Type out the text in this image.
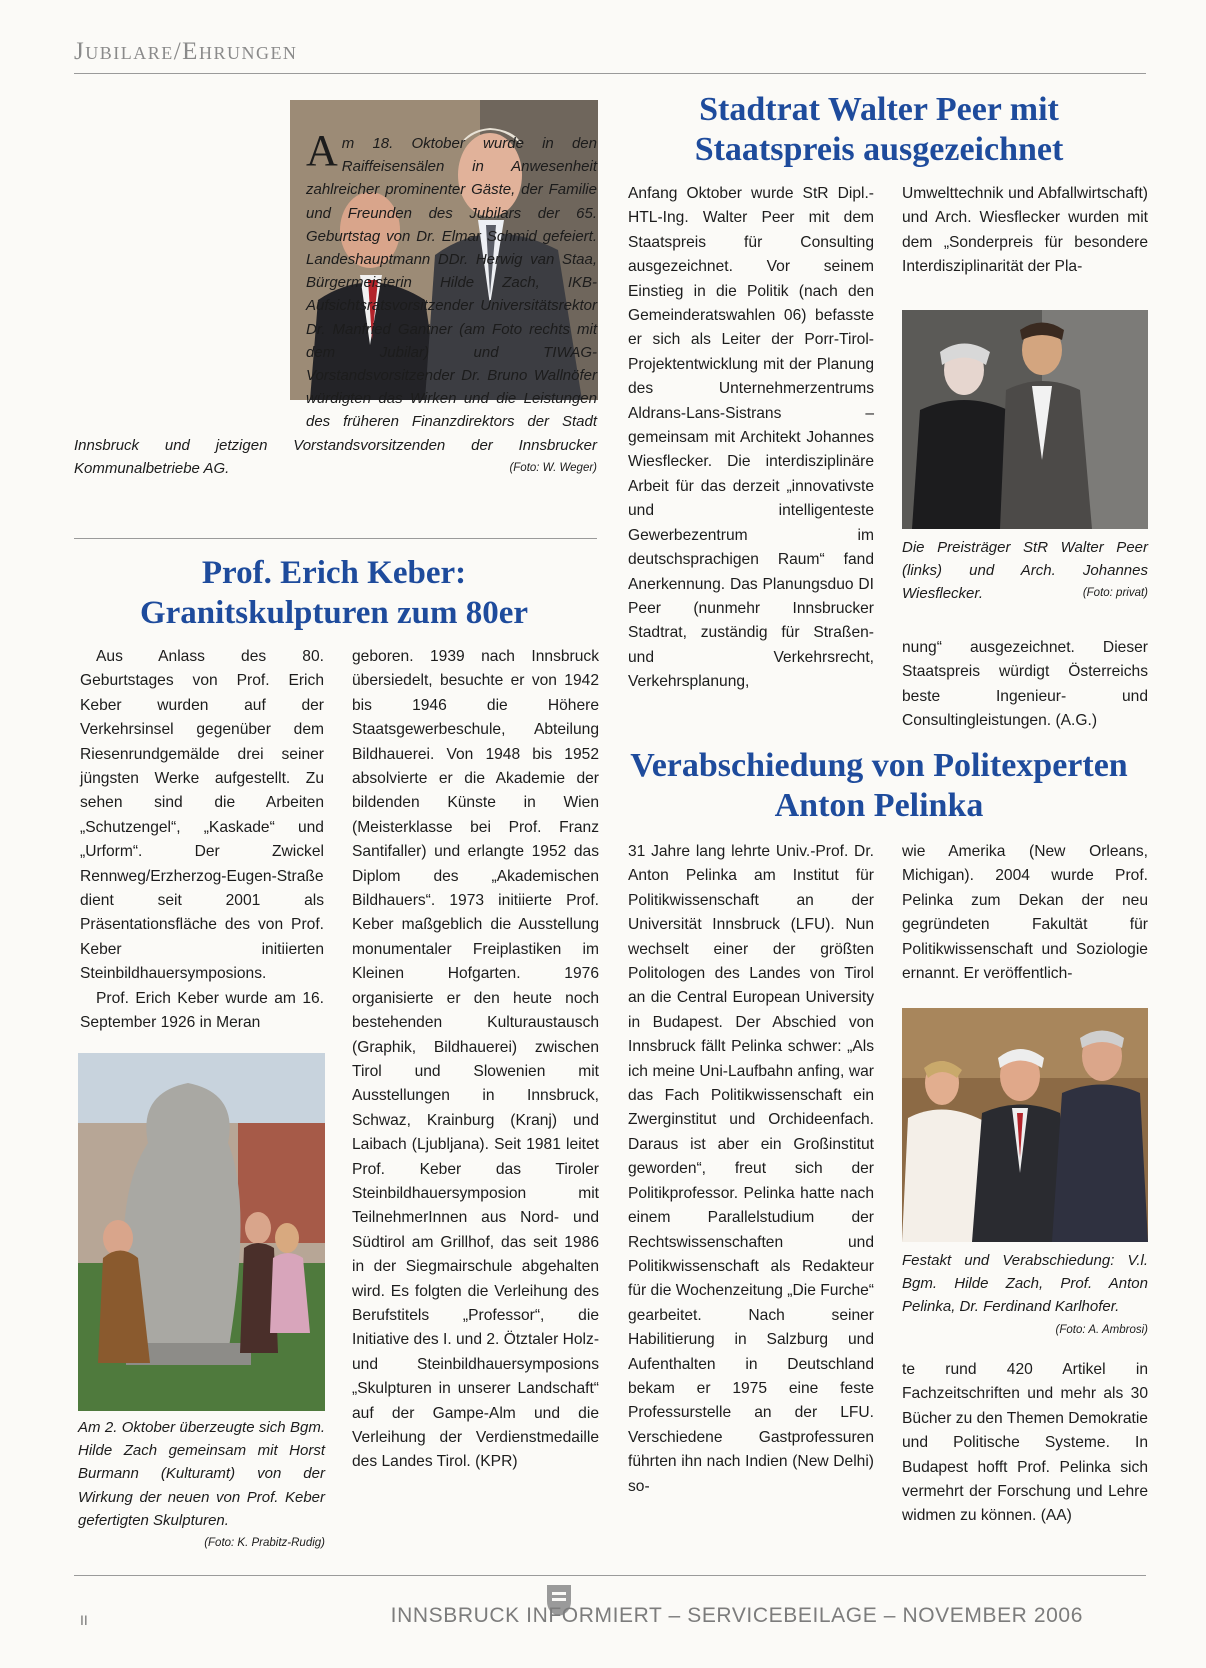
Jubilare/Ehrungen
Am 18. Oktober wurde in den Raiffeisensälen in Anwesenheit zahlreicher prominenter Gäste, der Familie und Freunden des Jubilars der 65. Geburtstag von Dr. Elmar Schmid gefeiert. Landeshauptmann DDr. Herwig van Staa, Bürgermeisterin Hilde Zach, IKB-Aufsichtsratsvorsitzender Universitätsrektor Dr. Manfried Gantner (am Foto rechts mit dem Jubilar) und TIWAG-Vorstandsvorsitzender Dr. Bruno Wallnöfer würdigten das Wirken und die Leistungen des früheren Finanzdirektors der Stadt Innsbruck und jetzigen Vorstandsvorsitzenden der Innsbrucker Kommunalbetriebe AG.	(Foto: W. Weger)
Prof. Erich Keber: Granitskulpturen zum 80er
Aus Anlass des 80. Geburtstages von Prof. Erich Keber wurden auf der Verkehrsinsel gegenüber dem Riesenrundgemälde drei seiner jüngsten Werke aufgestellt. Zu sehen sind die Arbeiten „Schutzengel“, „Kaskade“ und „Urform“. Der Zwickel Rennweg/Erzherzog-Eugen-Straße dient seit 2001 als Präsentationsfläche des von Prof. Keber initiierten Steinbildhauersymposions.
Prof. Erich Keber wurde am 16. September 1926 in Meran
Am 2. Oktober überzeugte sich Bgm. Hilde Zach gemeinsam mit Horst Burmann (Kulturamt) von der Wirkung der neuen von Prof. Keber gefertigten Skulpturen.
(Foto: K. Prabitz-Rudig)
geboren. 1939 nach Innsbruck übersiedelt, besuchte er von 1942 bis 1946 die Höhere Staatsgewerbeschule, Abteilung Bildhauerei. Von 1948 bis 1952 absolvierte er die Akademie der bildenden Künste in Wien (Meisterklasse bei Prof. Franz Santifaller) und erlangte 1952 das Diplom des „Akademischen Bildhauers“. 1973 initiierte Prof. Keber maßgeblich die Ausstellung monumentaler Freiplastiken im Kleinen Hofgarten. 1976 organisierte er den heute noch bestehenden Kulturaustausch (Graphik, Bildhauerei) zwischen Tirol und Slowenien mit Ausstellungen in Innsbruck, Schwaz, Krainburg (Kranj) und Laibach (Ljubljana). Seit 1981 leitet Prof. Keber das Tiroler Steinbildhauersymposion mit TeilnehmerInnen aus Nord- und Südtirol am Grillhof, das seit 1986 in der Siegmairschule abgehalten wird. Es folgten die Verleihung des Berufstitels „Professor“, die Initiative des I. und 2. Ötztaler Holz- und Steinbildhauersymposions „Skulpturen in unserer Landschaft“ auf der Gampe-Alm und die Verleihung der Verdienstmedaille des Landes Tirol. (KPR)
Stadtrat Walter Peer mit Staatspreis ausgezeichnet
Anfang Oktober wurde StR Dipl.-HTL-Ing. Walter Peer mit dem Staatspreis für Consulting ausgezeichnet. Vor seinem Einstieg in die Politik (nach den Gemeinderatswahlen 06) befasste er sich als Leiter der Porr-Tirol-Projektentwicklung mit der Planung des Unternehmerzentrums Aldrans-Lans-Sistrans – gemeinsam mit Architekt Johannes Wiesflecker. Die interdisziplinäre Arbeit für das derzeit „innovativste und intelligenteste Gewerbezentrum im deutschsprachigen Raum“ fand Anerkennung. Das Planungsduo DI Peer (nunmehr Innsbrucker Stadtrat, zuständig für Straßen- und Verkehrsrecht, Verkehrsplanung,
Umwelttechnik und Abfallwirtschaft) und Arch. Wiesflecker wurden mit dem „Sonderpreis für besondere Interdisziplinarität der Pla-
Die Preisträger StR Walter Peer (links) und Arch. Johannes Wiesflecker.	(Foto: privat)
nung“ ausgezeichnet. Dieser Staatspreis würdigt Österreichs beste Ingenieur- und Consultingleistungen. (A.G.)
Verabschiedung von Politexperten Anton Pelinka
31 Jahre lang lehrte Univ.-Prof. Dr. Anton Pelinka am Institut für Politikwissenschaft an der Universität Innsbruck (LFU). Nun wechselt einer der größten Politologen des Landes von Tirol an die Central European University in Budapest. Der Abschied von Innsbruck fällt Pelinka schwer: „Als ich meine Uni-Laufbahn anfing, war das Fach Politikwissenschaft ein Zwerginstitut und Orchideenfach. Daraus ist aber ein Großinstitut geworden“, freut sich der Politikprofessor. Pelinka hatte nach einem Parallelstudium der Rechtswissenschaften und Politikwissenschaft als Redakteur für die Wochenzeitung „Die Furche“ gearbeitet. Nach seiner Habilitierung in Salzburg und Aufenthalten in Deutschland bekam er 1975 eine feste Professurstelle an der LFU. Verschiedene Gastprofessuren führten ihn nach Indien (New Delhi) so-
wie Amerika (New Orleans, Michigan). 2004 wurde Prof. Pelinka zum Dekan der neu gegründeten Fakultät für Politikwissenschaft und Soziologie ernannt. Er veröffentlich-
Festakt und Verabschiedung: V.l. Bgm. Hilde Zach, Prof. Anton Pelinka, Dr. Ferdinand Karlhofer.
(Foto: A. Ambrosi)
te rund 420 Artikel in Fachzeitschriften und mehr als 30 Bücher zu den Themen Demokratie und Politische Systeme. In Budapest hofft Prof. Pelinka sich vermehrt der Forschung und Lehre widmen zu können. (AA)
II	INNSBRUCK INFORMIERT – SERVICEBEILAGE – NOVEMBER 2006
